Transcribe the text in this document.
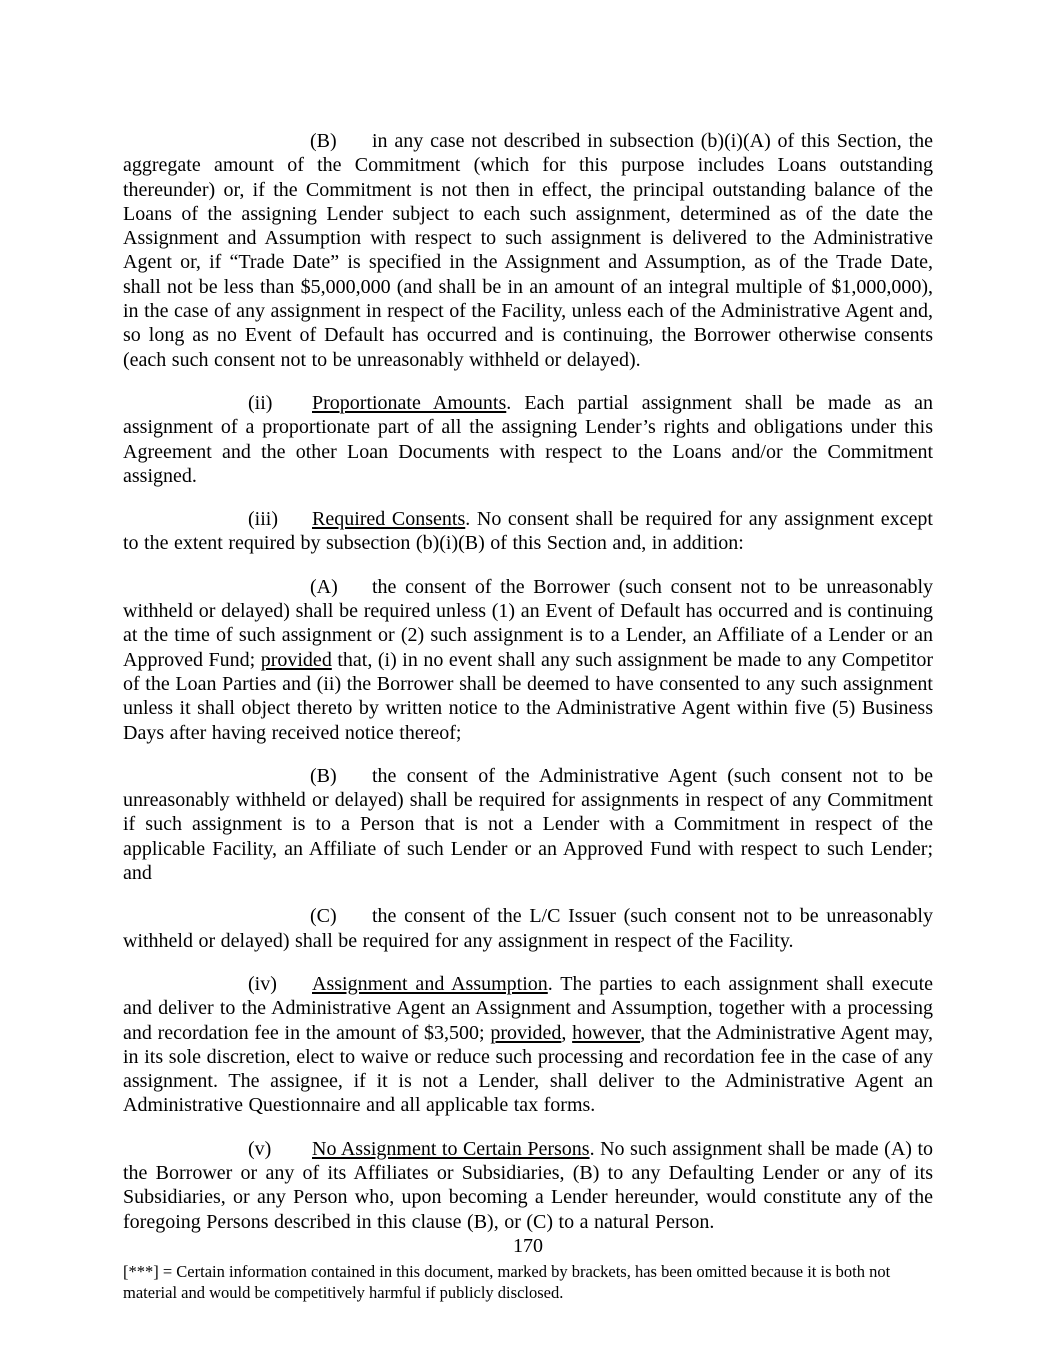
(B) in any case not described in subsection (b)(i)(A) of this Section, the aggregate amount of the Commitment (which for this purpose includes Loans outstanding thereunder) or, if the Commitment is not then in effect, the principal outstanding balance of the Loans of the assigning Lender subject to each such assignment, determined as of the date the Assignment and Assumption with respect to such assignment is delivered to the Administrative Agent or, if “Trade Date” is specified in the Assignment and Assumption, as of the Trade Date, shall not be less than $5,000,000 (and shall be in an amount of an integral multiple of $1,000,000), in the case of any assignment in respect of the Facility, unless each of the Administrative Agent and, so long as no Event of Default has occurred and is continuing, the Borrower otherwise consents (each such consent not to be unreasonably withheld or delayed).

(ii) Proportionate Amounts. Each partial assignment shall be made as an assignment of a proportionate part of all the assigning Lender’s rights and obligations under this Agreement and the other Loan Documents with respect to the Loans and/or the Commitment assigned.

(iii) Required Consents. No consent shall be required for any assignment except to the extent required by subsection (b)(i)(B) of this Section and, in addition:

(A) the consent of the Borrower (such consent not to be unreasonably withheld or delayed) shall be required unless (1) an Event of Default has occurred and is continuing at the time of such assignment or (2) such assignment is to a Lender, an Affiliate of a Lender or an Approved Fund; provided that, (i) in no event shall any such assignment be made to any Competitor of the Loan Parties and (ii) the Borrower shall be deemed to have consented to any such assignment unless it shall object thereto by written notice to the Administrative Agent within five (5) Business Days after having received notice thereof;

(B) the consent of the Administrative Agent (such consent not to be unreasonably withheld or delayed) shall be required for assignments in respect of any Commitment if such assignment is to a Person that is not a Lender with a Commitment in respect of the applicable Facility, an Affiliate of such Lender or an Approved Fund with respect to such Lender; and

(C) the consent of the L/C Issuer (such consent not to be unreasonably withheld or delayed) shall be required for any assignment in respect of the Facility.

(iv) Assignment and Assumption. The parties to each assignment shall execute and deliver to the Administrative Agent an Assignment and Assumption, together with a processing and recordation fee in the amount of $3,500; provided, however, that the Administrative Agent may, in its sole discretion, elect to waive or reduce such processing and recordation fee in the case of any assignment. The assignee, if it is not a Lender, shall deliver to the Administrative Agent an Administrative Questionnaire and all applicable tax forms.

(v) No Assignment to Certain Persons. No such assignment shall be made (A) to the Borrower or any of its Affiliates or Subsidiaries, (B) to any Defaulting Lender or any of its Subsidiaries, or any Person who, upon becoming a Lender hereunder, would constitute any of the foregoing Persons described in this clause (B), or (C) to a natural Person.

170
[***] = Certain information contained in this document, marked by brackets, has been omitted because it is both not material and would be competitively harmful if publicly disclosed.
